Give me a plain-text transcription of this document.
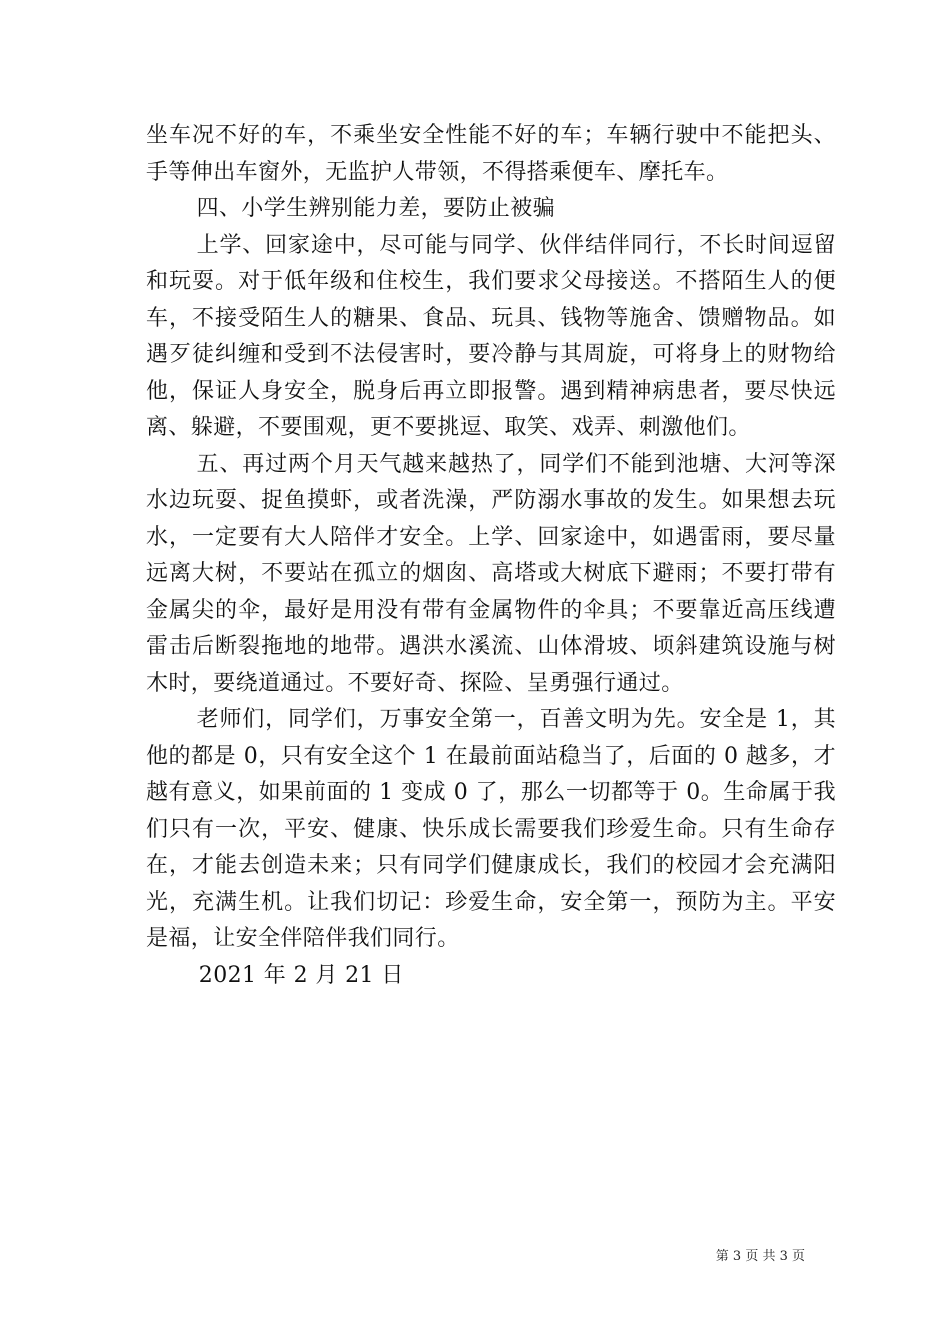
坐车况不好的车，不乘坐安全性能不好的车；车辆行驶中不能把头、手等伸出车窗外，无监护人带领，不得搭乘便车、摩托车。

四、小学生辨别能力差，要防止被骗

上学、回家途中，尽可能与同学、伙伴结伴同行，不长时间逗留和玩耍。对于低年级和住校生，我们要求父母接送。不搭陌生人的便车，不接受陌生人的糖果、食品、玩具、钱物等施舍、馈赠物品。如遇歹徒纠缠和受到不法侵害时，要冷静与其周旋，可将身上的财物给他，保证人身安全，脱身后再立即报警。遇到精神病患者，要尽快远离、躲避，不要围观，更不要挑逗、取笑、戏弄、刺激他们。

五、再过两个月天气越来越热了，同学们不能到池塘、大河等深水边玩耍、捉鱼摸虾，或者洗澡，严防溺水事故的发生。如果想去玩水，一定要有大人陪伴才安全。上学、回家途中，如遇雷雨，要尽量远离大树，不要站在孤立的烟囱、高塔或大树底下避雨；不要打带有金属尖的伞，最好是用没有带有金属物件的伞具；不要靠近高压线遭雷击后断裂拖地的地带。遇洪水溪流、山体滑坡、顷斜建筑设施与树木时，要绕道通过。不要好奇、探险、呈勇强行通过。

老师们，同学们，万事安全第一，百善文明为先。安全是 1，其他的都是 0，只有安全这个 1 在最前面站稳当了，后面的 0 越多，才越有意义，如果前面的 1 变成 0 了，那么一切都等于 0。生命属于我们只有一次，平安、健康、快乐成长需要我们珍爱生命。只有生命存在，才能去创造未来；只有同学们健康成长，我们的校园才会充满阳光，充满生机。让我们切记：珍爱生命，安全第一，预防为主。平安是福，让安全伴陪伴我们同行。

2021 年 2 月 21 日

第 3 页 共 3 页
